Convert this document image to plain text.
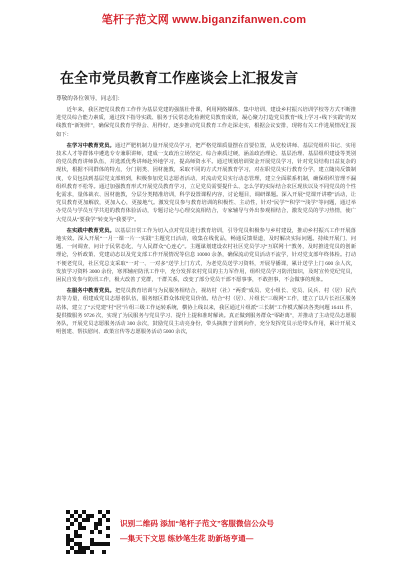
笔杆子范文网 www.biganzifanwen.com
在全市党员教育工作座谈会上汇报发言
尊敬的各位领导，同志们：

近年来，我区把党员教育工作作为基层党建的强筋壮骨课，利用网络媒体、集中培训、建设乡村振兴培训学校等方式不断推进党员综合能力素质，通过找下指导实践、服务于民常态化检测党员教育成效，凝心聚力打造党员教育“线上学习+线下实践”的双线教育“新矩阵”，确保党员教育学得会、用得好，逐步推动党员教育工作走深走实，根据会议安排，现将有关工作进展情况汇报如下：

在学习中教育党员。通过严肥机制力量开展党员学习，把严格党课质量摆在首要位置，从党校讲师、基层党组织书记、实用技术人才等群体中遴选专专兼职讲师，建成一支政治立场坚定、综合素质过硬，涵盖政治理论、基层治理、基层组织建设等类别的党员教育讲师队伍，并选派优秀讲师赴外地学习，提高师资水平。通过规划培训资金开展党员学习，针对党员结构日益复杂的现状，根据不同群体的特点，分门别类、因材施教，采取不同的方式开展教育学习，对在职党员实行教育分学，建立随岗反馈制度，专员包扶到基层党支部班到，积极参加党员志愿者活动，对流动党员实行动态管理，建立全面联系机制，确保组织管理不漏组织教育不松等。通过加强教育形式开展党员教育学习，立足党员需要提什么、怎么学的实际结合农区现状以及不同党员的个性化需求，量体裁衣、因材施教，分层分类精准培训，科学设置课程内容，讨论题目，调研课题。深入开展“党课开讲啦”活动，让党员教育更加解放，更加入心，更接地气。激发党员参与教育培训的积极性、主动性，针对“民学”“积学”“浅学”等问题，通过举办党员与学员互学共进的教育体验活动，专题讨论与心理交流相结合，专家辅导与外出参观相结合，激发党员的学习热情，使广大党员从“要我学”转变为“我要学”。

在实践中教育党员。以基层日常工作为切入点对党员进行教育培训，引导党员积极参与乡村建设，推动乡村振兴工作开展落地实效。深入开展“一月一课一片一实践”主题党日活动，收集在线优品，畅通反馈渠道，及时解决实际问题。持续开展门、问题、一问调查，问计于民常态化，与人民群众“心连心”。主题谋划建设农村社区党员学习“互联网十”教务，及时推进党员的创新理论，分析政策、党建动态以及党支部工作开展情况等信息 10000 余条，确保流动党员活动不流学，针对党支部年终体检。打动不便老党员，社区党总支采取“一对一、一对多”送学上门方式，为老党员送学习资料，开展导播课，累计送学上门 600 余人次，发放学习资料 3000 余份，寒邦辅疟防汛工作中，充分发挥农村党员的主力军作用，组织党员学习防汛知识，及时宣传党纪党员，困民自发参与防汛工作，极大改善了党群，干群关系，改变了部分党员干部不愿事事，不敢担事，不会做事的现象。

在服务中教育党员。把党员教育培训与为民服务相结合，视坊村（社）“两委”成员、党小组长、党员、民兵、村（居）民代表等力量，组建成党员志愿者队伍，服务辖区群众体现党员价值。结合“村（居）、片组长”三级网“工作，建立了以片长社区服务站体，建立了“云党建”村“居”片组三级工作运转系统，横协上线以来，我区通过片组派“三长制”工作模式解决各类问题 16411 件，提供微服务 9726 次，实现了为民服务与党员学习、提升上提和准时解读。真正做到服务群众“零距离”，并推动了主动党员志愿服务队，开展党员志愿服务活动 300 余次，鼓励党员主动亮身份，带头摘旗子首到向作，充分发挥党员示范带头作用，累计开展义明创建、帮扶慰问、政策宣传等志愿服务活动 5000 余次，

识别二维码 添加“笔杆子范文”客服微信公众号
—集天下文思 练妙笔生花 助新场亨通—
